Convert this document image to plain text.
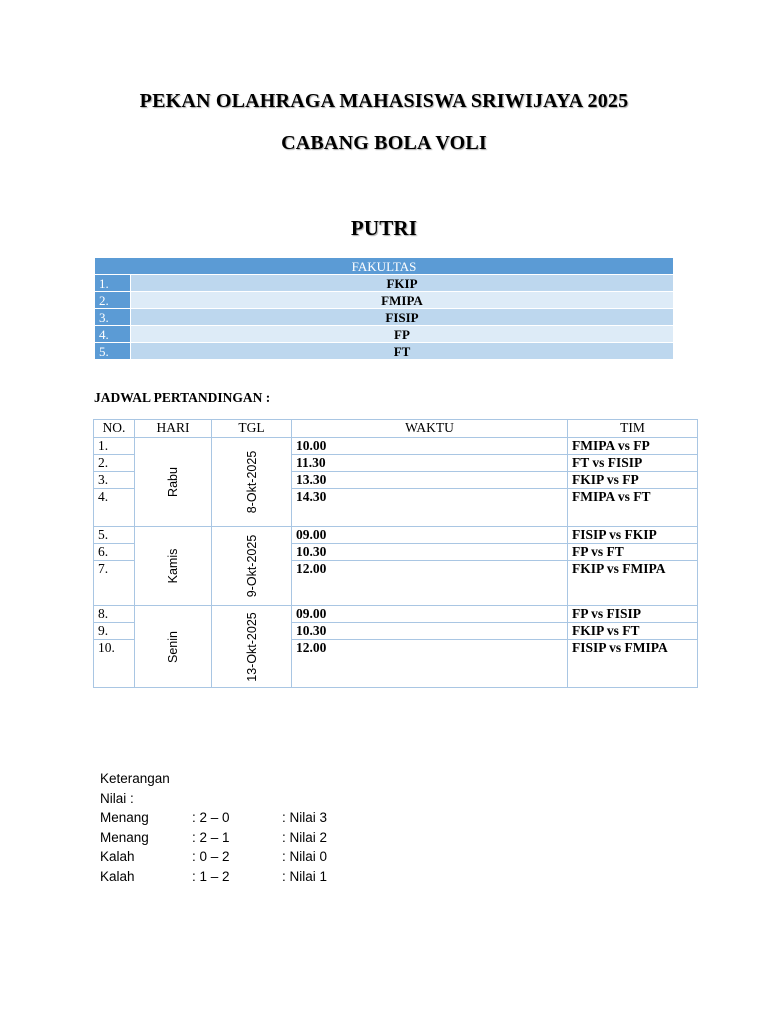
PEKAN OLAHRAGA MAHASISWA SRIWIJAYA 2025
CABANG BOLA VOLI
PUTRI
FAKULTAS	
1.	FKIP
2.	FMIPA
3.	FISIP
4.	FP
5.	FT
JADWAL PERTANDINGAN :
NO.	HARI	TGL	WAKTU	TIM
1.	Rabu	8-Okt-2025	10.00	FMIPA vs FP
2.			11.30	FT vs FISIP
3.			13.30	FKIP vs FP
4.			14.30	FMIPA vs FT

5.	Kamis	9-Okt-2025	09.00	FISIP vs FKIP
6.			10.30	FP vs FT
7.			12.00	FKIP vs FMIPA

8.	Senin	13-Okt-2025	09.00	FP vs FISIP
9.			10.30	FKIP vs FT
10.			12.00	FISIP vs FMIPA

Keterangan
Nilai :
Menang	: 2 – 0	: Nilai 3
Menang	: 2 – 1	: Nilai 2
Kalah	: 0 – 2	: Nilai 0
Kalah	: 1 – 2	: Nilai 1
